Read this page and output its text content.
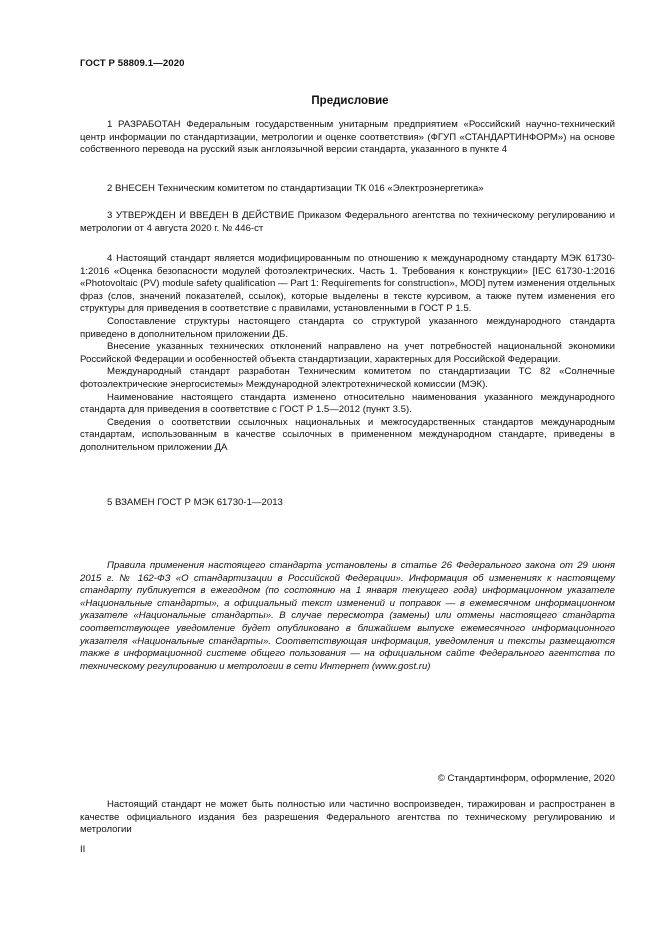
ГОСТ Р 58809.1—2020
Предисловие

1 РАЗРАБОТАН Федеральным государственным унитарным предприятием «Российский научно-технический центр информации по стандартизации, метрологии и оценке соответствия» (ФГУП «СТАНДАРТИНФОРМ») на основе собственного перевода на русский язык англоязычной версии стандарта, указанного в пункте 4

2 ВНЕСЕН Техническим комитетом по стандартизации ТК 016 «Электроэнергетика»

3 УТВЕРЖДЕН И ВВЕДЕН В ДЕЙСТВИЕ Приказом Федерального агентства по техническому регулированию и метрологии от 4 августа 2020 г. № 446-ст

4 Настоящий стандарт является модифицированным по отношению к международному стандарту МЭК 61730-1:2016 «Оценка безопасности модулей фотоэлектрических. Часть 1. Требования к конструкции» [IEC 61730-1:2016 «Photovoltaic (PV) module safety qualification — Part 1: Requirements for construction», MOD] путем изменения отдельных фраз (слов, значений показателей, ссылок), которые выделены в тексте курсивом, а также путем изменения его структуры для приведения в соответствие с правилами, установленными в ГОСТ Р 1.5.

Сопоставление структуры настоящего стандарта со структурой указанного международного стандарта приведено в дополнительном приложении ДБ.

Внесение указанных технических отклонений направлено на учет потребностей национальной экономики Российской Федерации и особенностей объекта стандартизации, характерных для Российской Федерации.

Международный стандарт разработан Техническим комитетом по стандартизации ТС 82 «Солнечные фотоэлектрические энергосистемы» Международной электротехнической комиссии (МЭК).

Наименование настоящего стандарта изменено относительно наименования указанного международного стандарта для приведения в соответствие с ГОСТ Р 1.5—2012 (пункт 3.5).

Сведения о соответствии ссылочных национальных и межгосударственных стандартов международным стандартам, использованным в качестве ссылочных в примененном международном стандарте, приведены в дополнительном приложении ДА

5 ВЗАМЕН ГОСТ Р МЭК 61730-1—2013

Правила применения настоящего стандарта установлены в статье 26 Федерального закона от 29 июня 2015 г. № 162-ФЗ «О стандартизации в Российской Федерации». Информация об изменениях к настоящему стандарту публикуется в ежегодном (по состоянию на 1 января текущего года) информационном указателе «Национальные стандарты», а официальный текст изменений и поправок — в ежемесячном информационном указателе «Национальные стандарты». В случае пересмотра (замены) или отмены настоящего стандарта соответствующее уведомление будет опубликовано в ближайшем выпуске ежемесячного информационного указателя «Национальные стандарты». Соответствующая информация, уведомления и тексты размещаются также в информационной системе общего пользования — на официальном сайте Федерального агентства по техническому регулированию и метрологии в сети Интернет (www.gost.ru)

© Стандартинформ, оформление, 2020

Настоящий стандарт не может быть полностью или частично воспроизведен, тиражирован и распространен в качестве официального издания без разрешения Федерального агентства по техническому регулированию и метрологии

II
